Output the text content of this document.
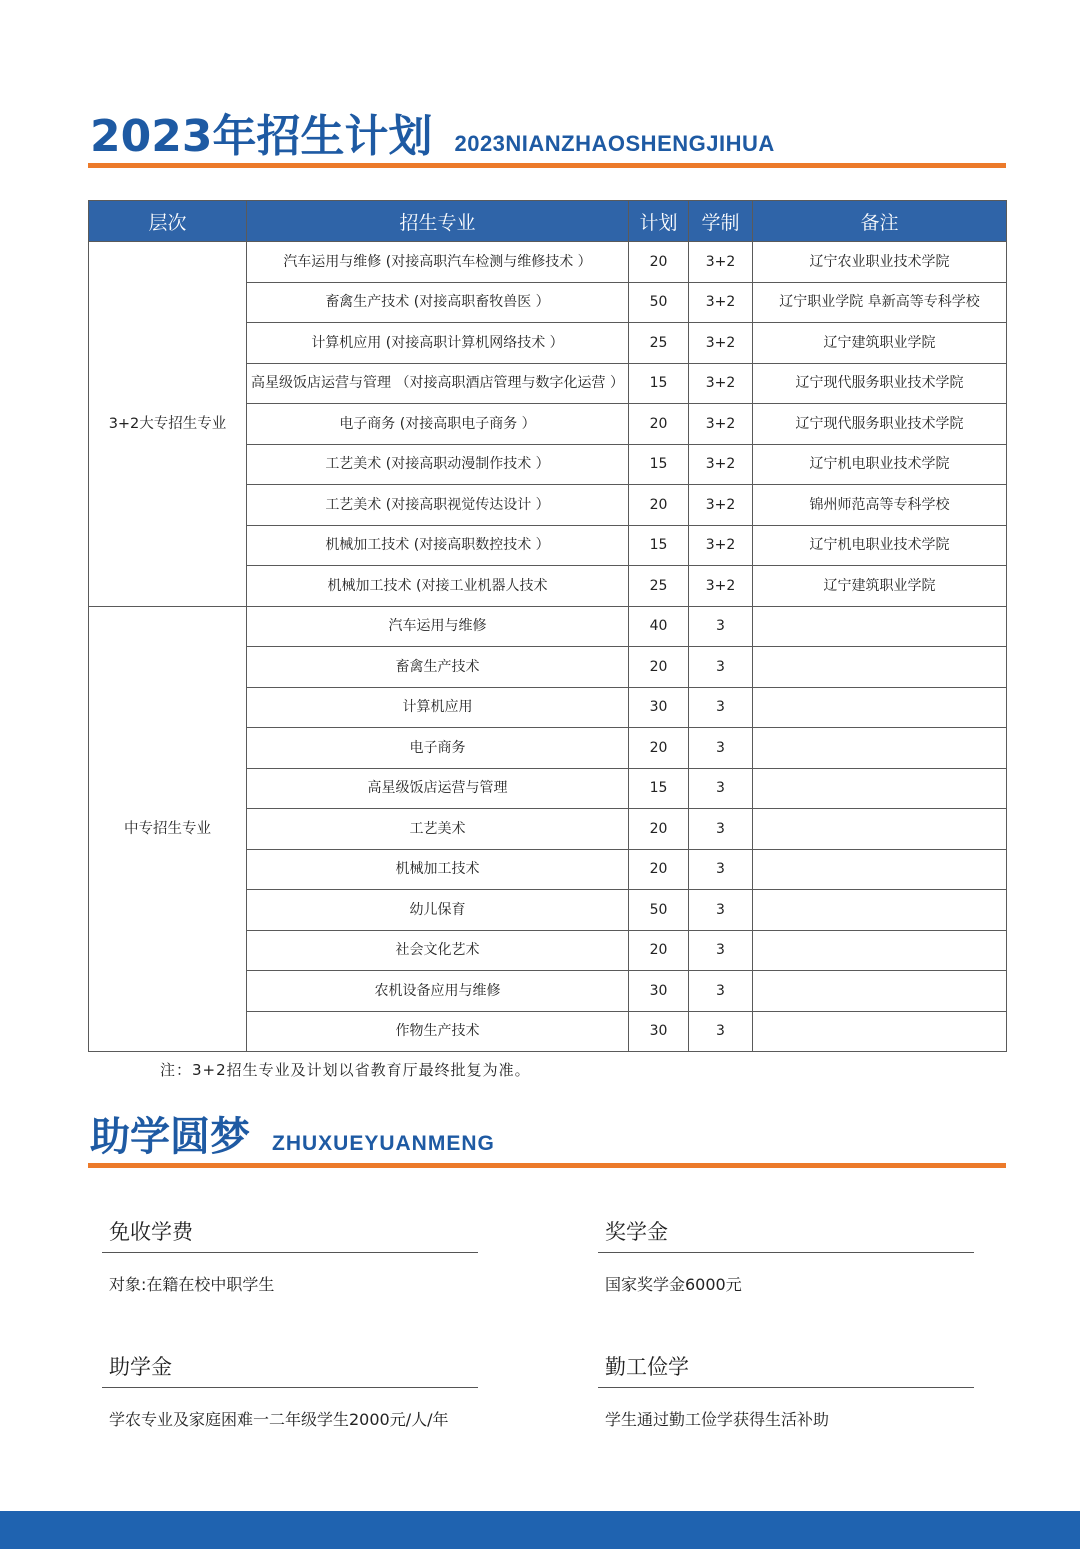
2023年招生计划 2023NIANZHAOSHENGJIHUA
层次	招生专业	计划	学制	备注
3+2大专招生专业	汽车运用与维修 (对接高职汽车检测与维修技术 ）	20	3+2	辽宁农业职业技术学院
	畜禽生产技术 (对接高职畜牧兽医 ）	50	3+2	辽宁职业学院 阜新高等专科学校
	计算机应用 (对接高职计算机网络技术 ）	25	3+2	辽宁建筑职业学院
	高星级饭店运营与管理 （对接高职酒店管理与数字化运营 ）	15	3+2	辽宁现代服务职业技术学院
	电子商务 (对接高职电子商务 ）	20	3+2	辽宁现代服务职业技术学院
	工艺美术 (对接高职动漫制作技术 ）	15	3+2	辽宁机电职业技术学院
	工艺美术 (对接高职视觉传达设计 ）	20	3+2	锦州师范高等专科学校
	机械加工技术 (对接高职数控技术 ）	15	3+2	辽宁机电职业技术学院
	机械加工技术 (对接工业机器人技术	25	3+2	辽宁建筑职业学院
中专招生专业	汽车运用与维修	40	3	
	畜禽生产技术	20	3	
	计算机应用	30	3	
	电子商务	20	3	
	高星级饭店运营与管理	15	3	
	工艺美术	20	3	
	机械加工技术	20	3	
	幼儿保育	50	3	
	社会文化艺术	20	3	
	农机设备应用与维修	30	3	
	作物生产技术	30	3	
注：3+2招生专业及计划以省教育厅最终批复为准。
助学圆梦 ZHUXUEYUANMENG
免收学费
对象:在籍在校中职学生
奖学金
国家奖学金6000元
助学金
学农专业及家庭困难一二年级学生2000元/人/年
勤工俭学
学生通过勤工俭学获得生活补助
